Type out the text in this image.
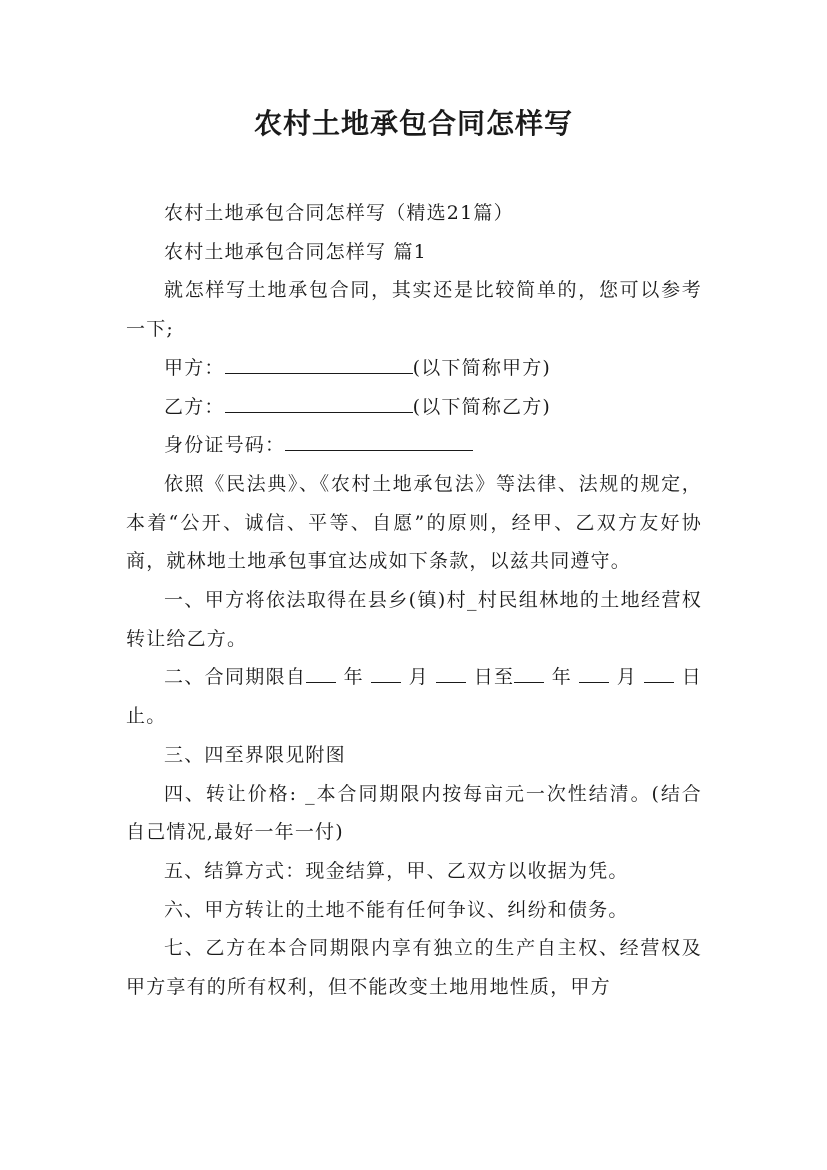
农村土地承包合同怎样写

农村土地承包合同怎样写（精选21篇）

农村土地承包合同怎样写 篇1

就怎样写土地承包合同，其实还是比较简单的，您可以参考一下;

甲方：	(以下简称甲方)

乙方：	(以下简称乙方)

身份证号码：

依照《民法典》、《农村土地承包法》等法律、法规的规定，本着“公开、诚信、平等、自愿”的原则，经甲、乙双方友好协商，就林地土地承包事宜达成如下条款，以兹共同遵守。

一、甲方将依法取得在县乡(镇)村_村民组林地的土地经营权转让给乙方。

二、合同期限自 年  月  日至 年  月  日止。

三、四至界限见附图

四、转让价格: _本合同期限内按每亩元一次性结清。(结合自己情况,最好一年一付)

五、结算方式：现金结算，甲、乙双方以收据为凭。

六、甲方转让的土地不能有任何争议、纠纷和债务。

七、乙方在本合同期限内享有独立的生产自主权、经营权及甲方享有的所有权利，但不能改变土地用地性质，甲方
